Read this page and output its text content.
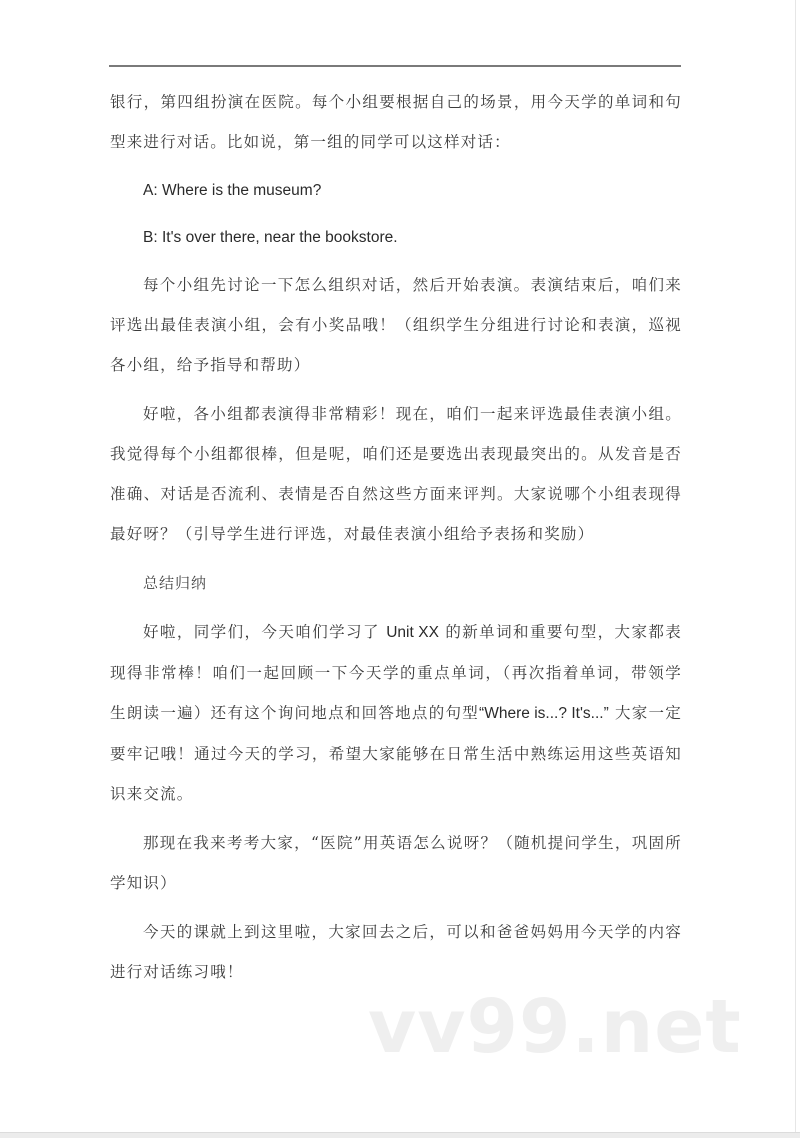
银行，第四组扮演在医院。每个小组要根据自己的场景，用今天学的单词和句型来进行对话。比如说，第一组的同学可以这样对话：

A: Where is the museum?

B: It's over there, near the bookstore.

每个小组先讨论一下怎么组织对话，然后开始表演。表演结束后，咱们来评选出最佳表演小组，会有小奖品哦！（组织学生分组进行讨论和表演，巡视各小组，给予指导和帮助）

好啦，各小组都表演得非常精彩！现在，咱们一起来评选最佳表演小组。我觉得每个小组都很棒，但是呢，咱们还是要选出表现最突出的。从发音是否准确、对话是否流利、表情是否自然这些方面来评判。大家说哪个小组表现得最好呀？（引导学生进行评选，对最佳表演小组给予表扬和奖励）

总结归纳

好啦，同学们，今天咱们学习了 Unit XX 的新单词和重要句型，大家都表现得非常棒！咱们一起回顾一下今天学的重点单词，（再次指着单词，带领学生朗读一遍）还有这个询问地点和回答地点的句型“Where is...? It's...” 大家一定要牢记哦！通过今天的学习，希望大家能够在日常生活中熟练运用这些英语知识来交流。

那现在我来考考大家，“医院”用英语怎么说呀？（随机提问学生，巩固所学知识）

今天的课就上到这里啦，大家回去之后，可以和爸爸妈妈用今天学的内容进行对话练习哦！

vv99.net
